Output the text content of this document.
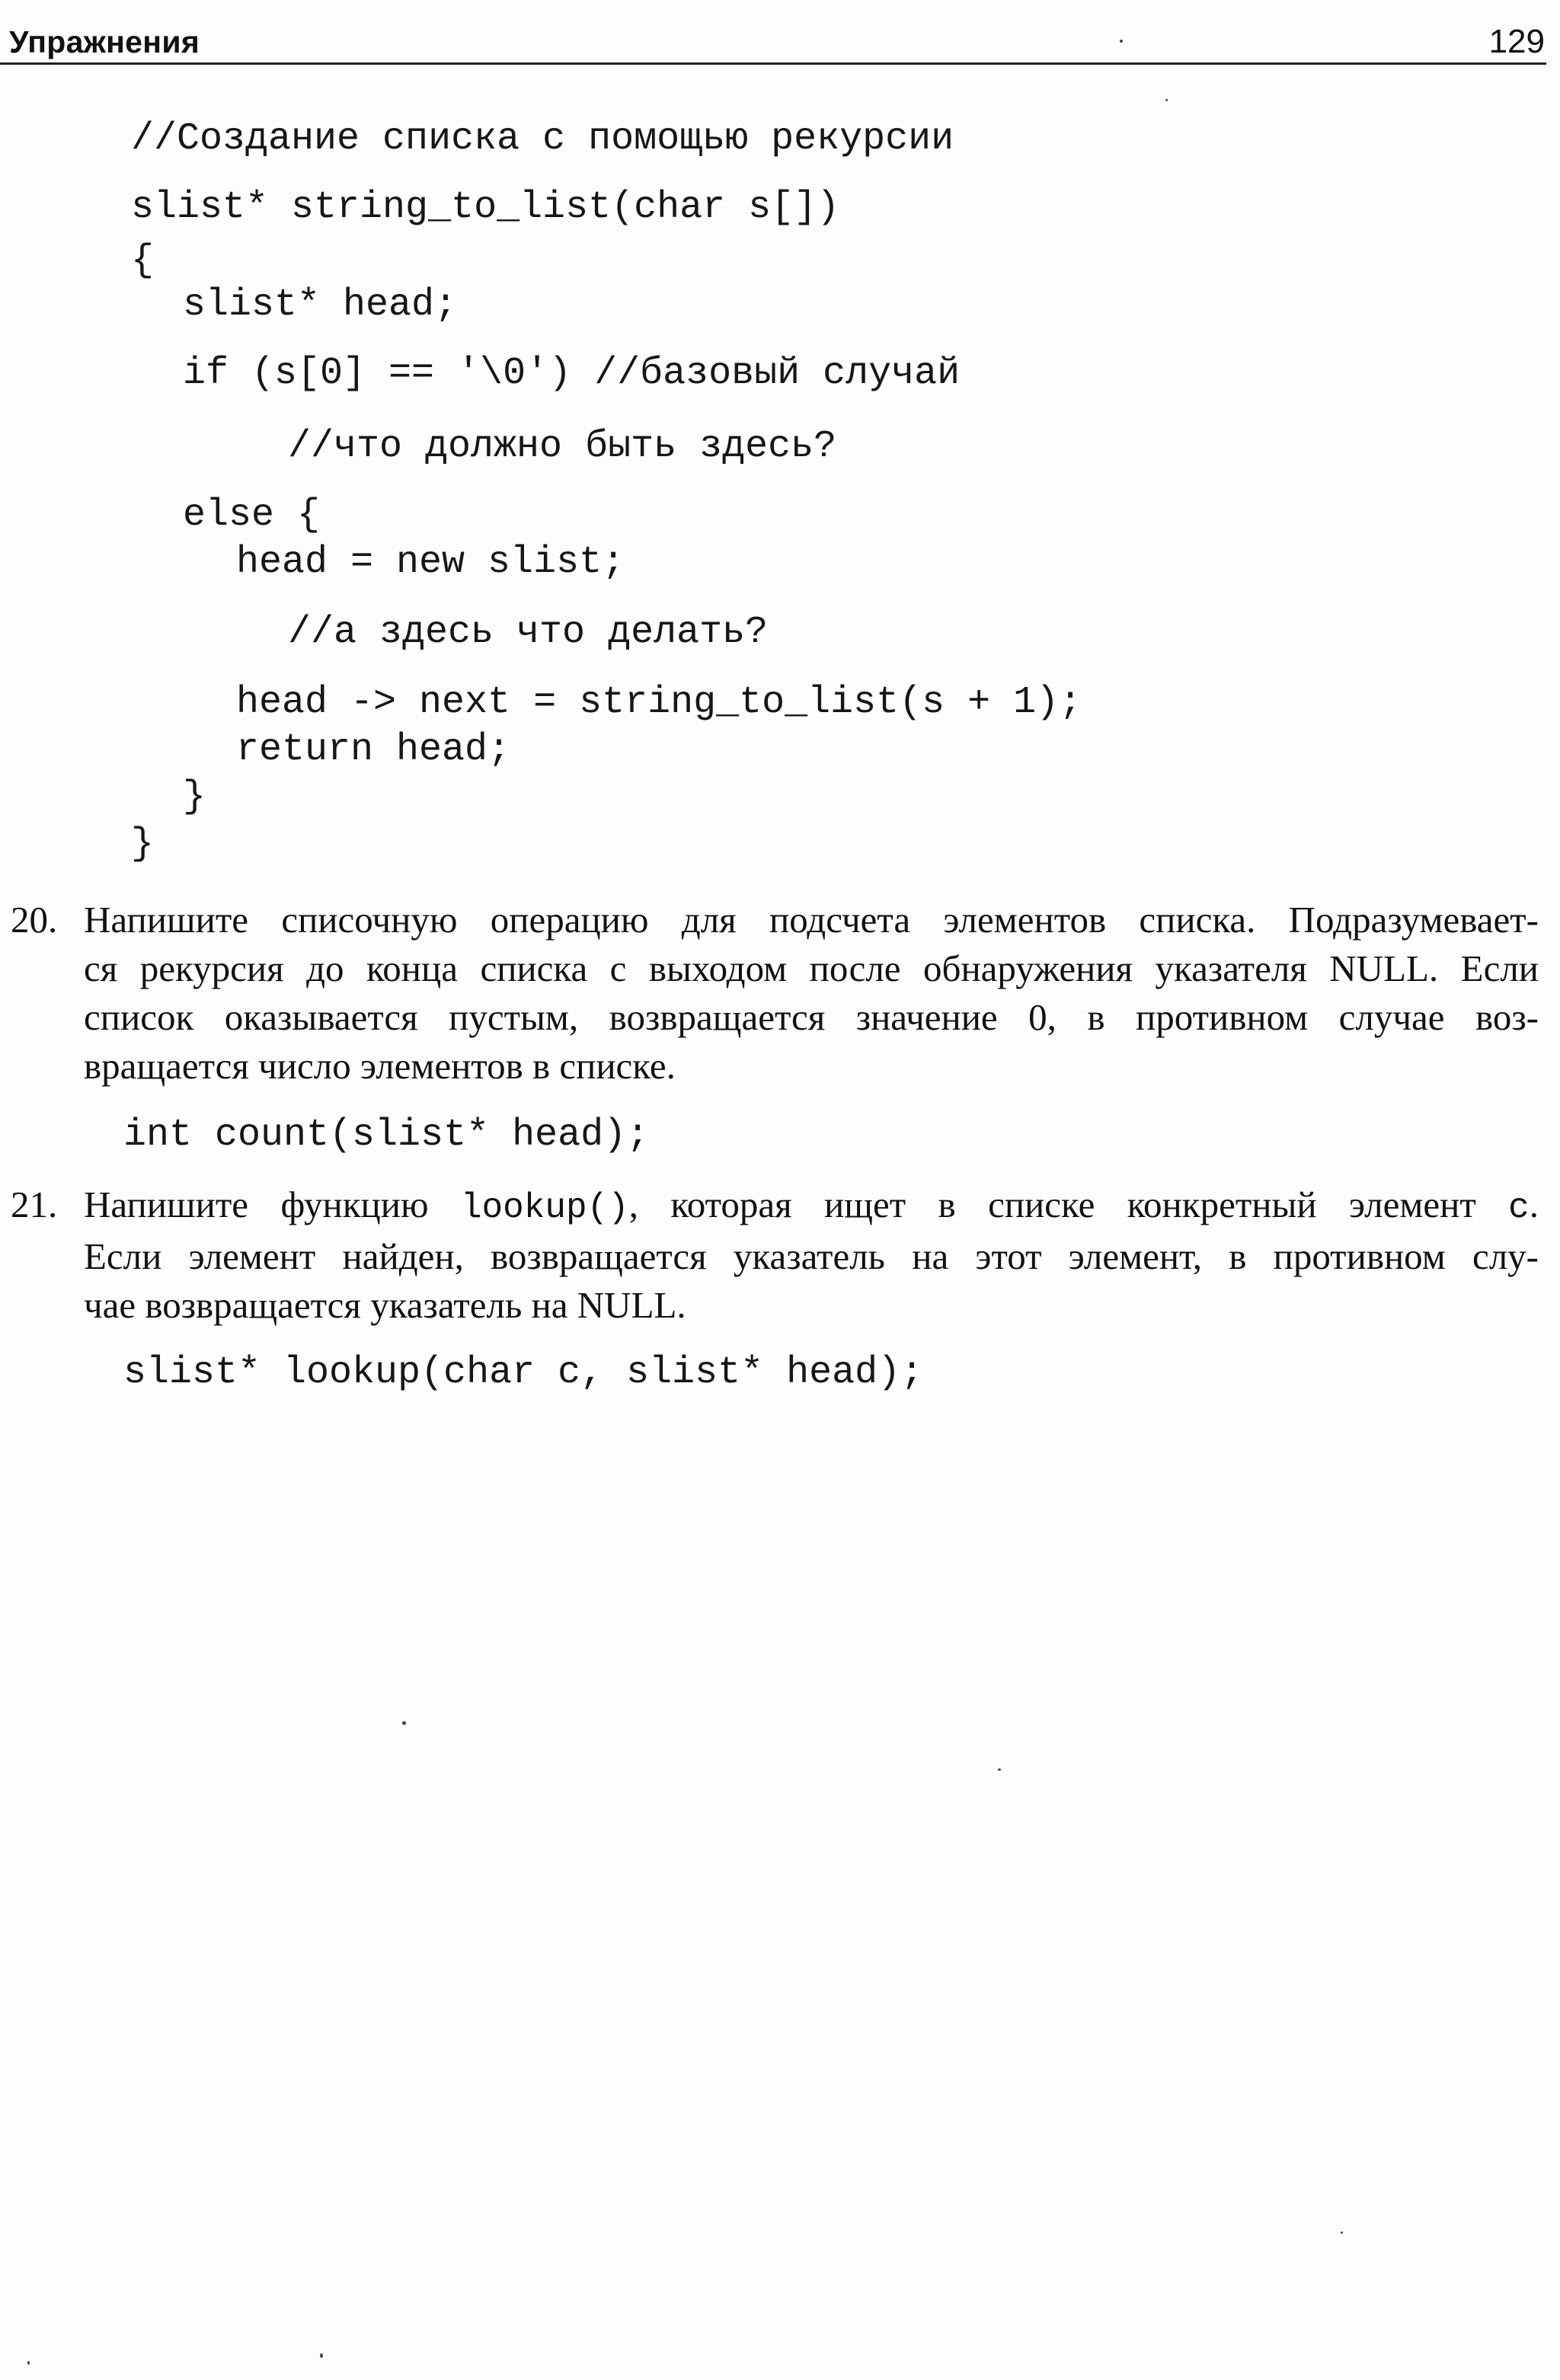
Упражнения	129
//Создание списка с помощью рекурсии
slist* string_to_list(char s[])
{
slist* head;
if (s[0] == '\0') //базовый случай
//что должно быть здесь?
else {
head = new slist;
//а здесь что делать?
head -> next = string_to_list(s + 1);
return head;
}
}
20. Напишите списочную операцию для подсчета элементов списка. Подразумевает-
ся рекурсия до конца списка с выходом после обнаружения указателя NULL. Если
список оказывается пустым, возвращается значение 0, в противном случае воз-
вращается число элементов в списке.
int count(slist* head);
21. Напишите функцию lookup(), которая ищет в списке конкретный элемент c.
Если элемент найден, возвращается указатель на этот элемент, в противном слу-
чае возвращается указатель на NULL.
slist* lookup(char c, slist* head);
